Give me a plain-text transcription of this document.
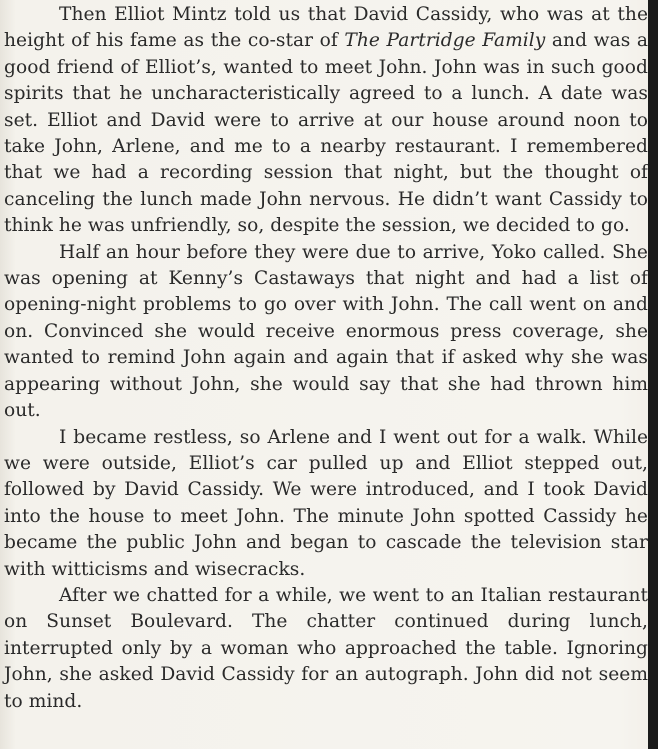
Then Elliot Mintz told us that David Cassidy, who was at the height of his fame as the co-star of The Partridge Family and was a good friend of Elliot’s, wanted to meet John. John was in such good spirits that he uncharacteristically agreed to a lunch. A date was set. Elliot and David were to arrive at our house around noon to take John, Arlene, and me to a nearby restaurant. I remembered that we had a recording session that night, but the thought of canceling the lunch made John nervous. He didn’t want Cassidy to think he was unfriendly, so, despite the session, we decided to go.

Half an hour before they were due to arrive, Yoko called. She was opening at Kenny’s Castaways that night and had a list of opening-night problems to go over with John. The call went on and on. Convinced she would receive enormous press coverage, she wanted to remind John again and again that if asked why she was appearing without John, she would say that she had thrown him out.

I became restless, so Arlene and I went out for a walk. While we were outside, Elliot’s car pulled up and Elliot stepped out, followed by David Cassidy. We were introduced, and I took David into the house to meet John. The minute John spotted Cassidy he became the public John and began to cascade the television star with witticisms and wisecracks.

After we chatted for a while, we went to an Italian restaurant on Sunset Boulevard. The chatter continued during lunch, interrupted only by a woman who approached the table. Ignoring John, she asked David Cassidy for an autograph. John did not seem to mind.
